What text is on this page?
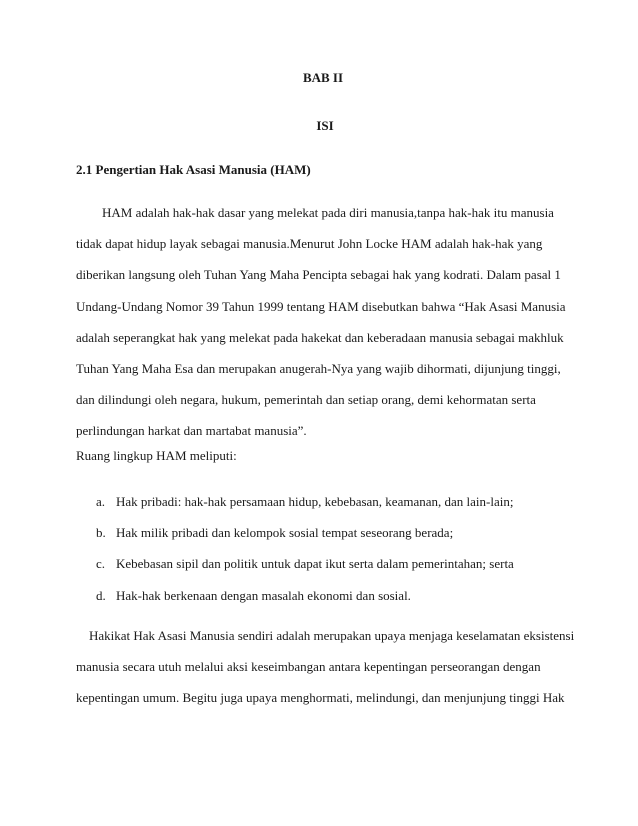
BAB II
ISI
2.1 Pengertian Hak Asasi Manusia (HAM)
HAM adalah hak-hak dasar yang melekat pada diri manusia,tanpa hak-hak itu manusia
tidak dapat hidup layak sebagai manusia.Menurut John Locke HAM adalah hak-hak yang
diberikan langsung oleh Tuhan Yang Maha Pencipta sebagai hak yang kodrati. Dalam pasal 1
Undang-Undang Nomor 39 Tahun 1999 tentang HAM disebutkan bahwa “Hak Asasi Manusia
adalah seperangkat hak yang melekat pada hakekat dan keberadaan manusia sebagai makhluk
Tuhan Yang Maha Esa dan merupakan anugerah-Nya yang wajib dihormati, dijunjung tinggi,
dan dilindungi oleh negara, hukum, pemerintah dan setiap orang, demi kehormatan serta
perlindungan harkat dan martabat manusia”.
Ruang lingkup HAM meliputi:
a. Hak pribadi: hak-hak persamaan hidup, kebebasan, keamanan, dan lain-lain;
b. Hak milik pribadi dan kelompok sosial tempat seseorang berada;
c. Kebebasan sipil dan politik untuk dapat ikut serta dalam pemerintahan; serta
d. Hak-hak berkenaan dengan masalah ekonomi dan sosial.
Hakikat Hak Asasi Manusia sendiri adalah merupakan upaya menjaga keselamatan eksistensi
manusia secara utuh melalui aksi keseimbangan antara kepentingan perseorangan dengan
kepentingan umum. Begitu juga upaya menghormati, melindungi, dan menjunjung tinggi Hak
